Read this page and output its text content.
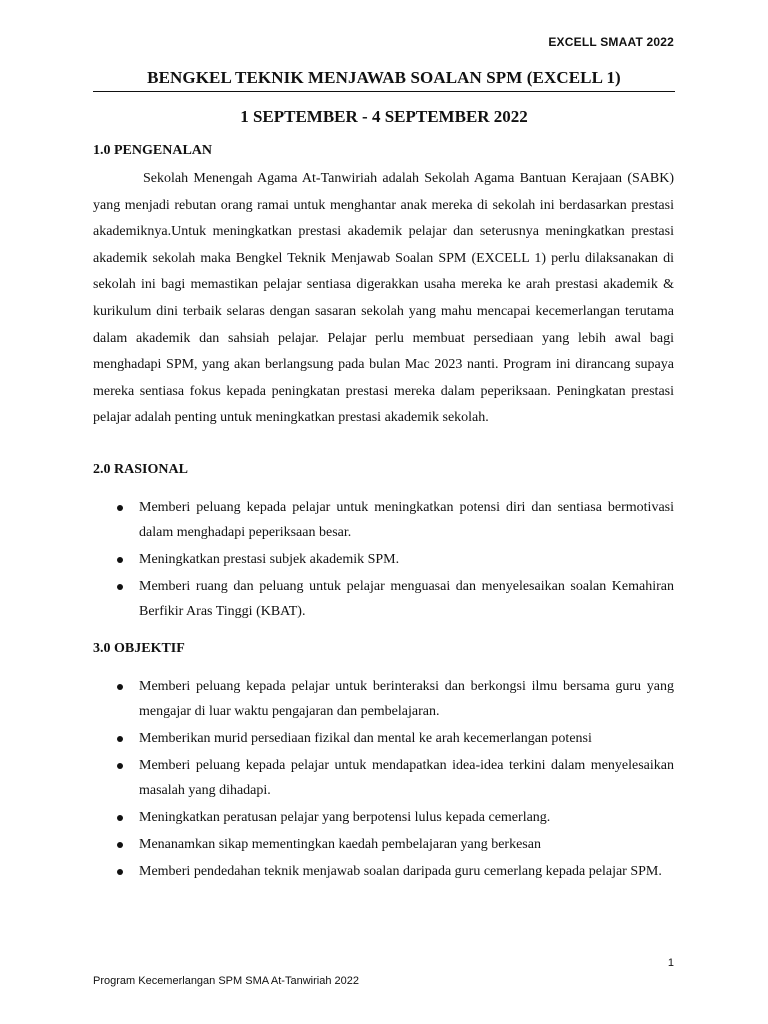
EXCELL SMAAT 2022
BENGKEL TEKNIK MENJAWAB SOALAN SPM (EXCELL 1)
1 SEPTEMBER - 4 SEPTEMBER 2022
1.0 PENGENALAN
Sekolah Menengah Agama At-Tanwiriah adalah Sekolah Agama Bantuan Kerajaan (SABK) yang menjadi rebutan orang ramai untuk menghantar anak mereka di sekolah ini berdasarkan prestasi akademiknya.Untuk meningkatkan prestasi akademik pelajar dan seterusnya meningkatkan prestasi akademik sekolah maka Bengkel Teknik Menjawab Soalan SPM (EXCELL 1) perlu dilaksanakan di sekolah ini bagi memastikan pelajar sentiasa digerakkan usaha mereka ke arah prestasi akademik & kurikulum dini terbaik selaras dengan sasaran sekolah yang mahu mencapai kecemerlangan terutama dalam akademik dan sahsiah pelajar. Pelajar perlu membuat persediaan yang lebih awal bagi menghadapi SPM, yang akan berlangsung pada bulan Mac 2023 nanti. Program ini dirancang supaya mereka sentiasa fokus kepada peningkatan prestasi mereka dalam peperiksaan. Peningkatan prestasi pelajar adalah penting untuk meningkatkan prestasi akademik sekolah.
2.0 RASIONAL
Memberi peluang kepada pelajar untuk meningkatkan potensi diri dan sentiasa bermotivasi dalam menghadapi peperiksaan besar.
Meningkatkan prestasi subjek akademik SPM.
Memberi ruang dan peluang untuk pelajar menguasai dan menyelesaikan soalan Kemahiran Berfikir Aras Tinggi (KBAT).
3.0 OBJEKTIF
Memberi peluang kepada pelajar untuk berinteraksi dan berkongsi ilmu bersama guru yang mengajar di luar waktu pengajaran dan pembelajaran.
Memberikan murid persediaan fizikal dan mental ke arah kecemerlangan potensi
Memberi peluang kepada pelajar untuk mendapatkan idea-idea terkini dalam menyelesaikan masalah yang dihadapi.
Meningkatkan peratusan pelajar yang berpotensi lulus kepada cemerlang.
Menanamkan sikap mementingkan kaedah pembelajaran yang berkesan
Memberi pendedahan teknik menjawab soalan daripada guru cemerlang kepada pelajar SPM.
1
Program Kecemerlangan SPM SMA At-Tanwiriah 2022
